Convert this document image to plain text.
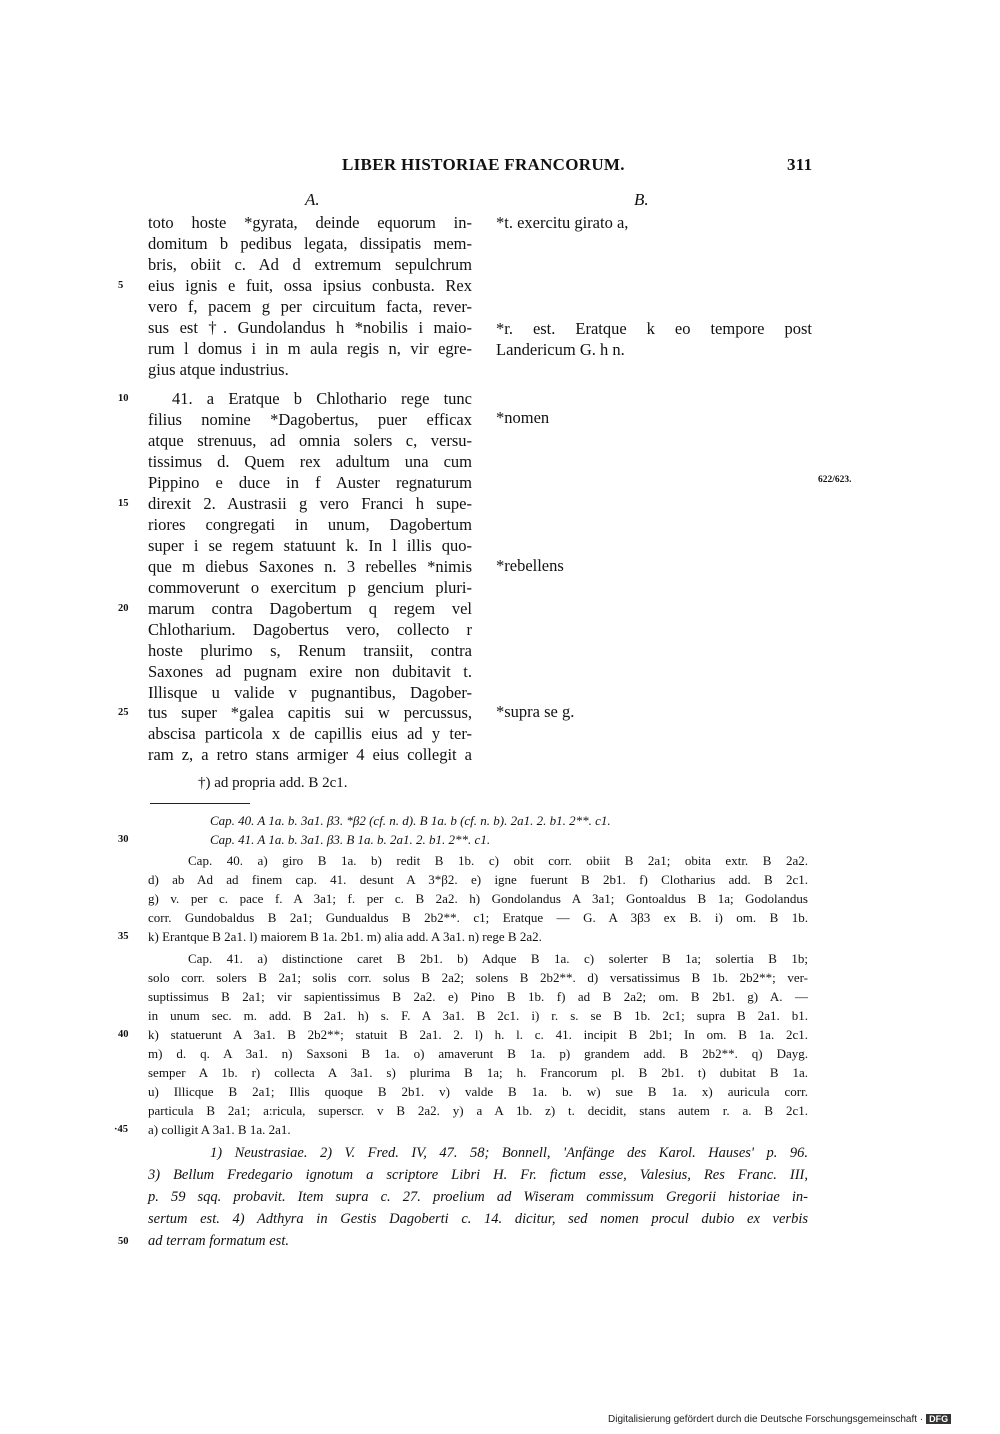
LIBER HISTORIAE FRANCORUM.	311
A.	B.
toto hoste *gyrata, deinde equorum in-
domitum b pedibus legata, dissipatis mem-
bris, obiit c. Ad d extremum sepulchrum
eius ignis e fuit, ossa ipsius conbusta. Rex
5
vero f, pacem g per circuitum facta, rever-
sus est †. Gundolandus h *nobilis i maio-
rum l domus i in m aula regis n, vir egre-
gius atque industrius.
41. a Eratque b Chlothario rege tunc
10
filius nomine *Dagobertus, puer efficax
atque strenuus, ad omnia solers c, versu-
tissimus d. Quem rex adultum una cum
Pippino e duce in f Auster regnaturum
direxit 2. Austrasii g vero Franci h supe-
15
riores congregati in unum, Dagobertum
super i se regem statuunt k. In l illis quo-
que m diebus Saxones n. 3 rebelles *nimis
commoverunt o exercitum p gencium pluri-
marum contra Dagobertum q regem vel
20
Chlotharium. Dagobertus vero, collecto r
hoste plurimo s, Renum transiit, contra
Saxones ad pugnam exire non dubitavit t.
Illisque u valide v pugnantibus, Dagober-
tus super *galea capitis sui w percussus,
25
abscisa particola x de capillis eius ad y ter-
ram z, a retro stans armiger 4 eius collegit a
*t. exercitu girato a,
*r. est. Eratque k eo tempore post
Landericum G. h n.
*nomen
*rebellens
*supra se g.
622/623.
†) ad propria add. B 2c1.
Cap. 40. A 1a. b. 3a1. β3. *β2 (cf. n. d). B 1a. b (cf. n. b). 2a1. 2. b1. 2**. c1.
Cap. 41. A 1a. b. 3a1. β3. B 1a. b. 2a1. 2. b1. 2**. c1.
30
Cap. 40. a) giro B 1a. b) redit B 1b. c) obit corr. obiit B 2a1; obita extr. B 2a2.
d) ab Ad ad finem cap. 41. desunt A 3*β2. e) igne fuerunt B 2b1. f) Clotharius add. B 2c1.
g) v. per c. pace f. A 3a1; f. per c. B 2a2. h) Gondolandus A 3a1; Gontoaldus B 1a; Godolandus
corr. Gundobaldus B 2a1; Gundualdus B 2b2**. c1; Eratque — G. A 3β3 ex B. i) om. B 1b.
k) Erantque B 2a1. l) maiorem B 1a. 2b1. m) alia add. A 3a1. n) rege B 2a2.
35
Cap. 41. a) distinctione caret B 2b1. b) Adque B 1a. c) solerter B 1a; solertia B 1b;
solo corr. solers B 2a1; solis corr. solus B 2a2; solens B 2b2**. d) versatissimus B 1b. 2b2**; ver-
suptissimus B 2a1; vir sapientissimus B 2a2. e) Pino B 1b. f) ad B 2a2; om. B 2b1. g) A. —
in unum sec. m. add. B 2a1. h) s. F. A 3a1. B 2c1. i) r. s. se B 1b. 2c1; supra B 2a1. b1.
k) statuerunt A 3a1. B 2b2**; statuit B 2a1. 2. l) h. l. c. 41. incipit B 2b1; In om. B 1a. 2c1.
40
m) d. q. A 3a1. n) Saxsoni B 1a. o) amaverunt B 1a. p) grandem add. B 2b2**. q) Dayg.
semper A 1b. r) collecta A 3a1. s) plurima B 1a; h. Francorum pl. B 2b1. t) dubitat B 1a.
u) Illicque B 2a1; Illis quoque B 2b1. v) valde B 1a. b. w) sue B 1a. x) auricula corr.
particula B 2a1; a:ricula, superscr. v B 2a2. y) a A 1b. z) t. decidit, stans autem r. a. B 2c1.
a) colligit A 3a1. B 1a. 2a1.
·45
1) Neustrasiae. 2) V. Fred. IV, 47. 58; Bonnell, 'Anfänge des Karol. Hauses' p. 96.
3) Bellum Fredegario ignotum a scriptore Libri H. Fr. fictum esse, Valesius, Res Franc. III,
p. 59 sqq. probavit. Item supra c. 27. proelium ad Wiseram commissum Gregorii historiae in-
sertum est. 4) Adthyra in Gestis Dagoberti c. 14. dicitur, sed nomen procul dubio ex verbis
ad terram formatum est.
50
Digitalisierung gefördert durch die Deutsche Forschungsgemeinschaft · DFG
